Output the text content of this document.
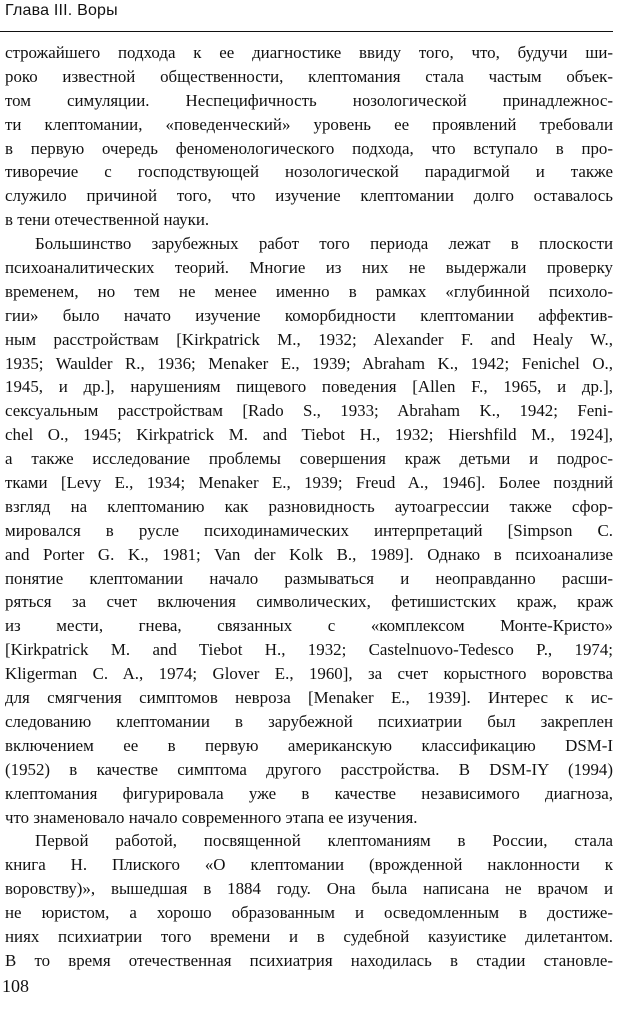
Глава III. Воры
строжайшего подхода к ее диагностике ввиду того, что, будучи ши-
роко известной общественности, клептомания стала частым объек-
том симуляции. Неспецифичность нозологической принадлежнос-
ти клептомании, «поведенческий» уровень ее проявлений требовали
в первую очередь феноменологического подхода, что вступало в про-
тиворечие с господствующей нозологической парадигмой и также
служило причиной того, что изучение клептомании долго оставалось
в тени отечественной науки.
Большинство зарубежных работ того периода лежат в плоскости
психоаналитических теорий. Многие из них не выдержали проверку
временем, но тем не менее именно в рамках «глубинной психоло-
гии» было начато изучение коморбидности клептомании аффектив-
ным расстройствам [Kirkpatrick M., 1932; Alexander F. and Healy W.,
1935; Waulder R., 1936; Menaker E., 1939; Abraham K., 1942; Fenichel O.,
1945, и др.], нарушениям пищевого поведения [Allen F., 1965, и др.],
сексуальным расстройствам [Rado S., 1933; Abraham K., 1942; Feni-
chel O., 1945; Kirkpatrick M. and Tiebot H., 1932; Hiershfild M., 1924],
а также исследование проблемы совершения краж детьми и подрос-
тками [Levy E., 1934; Menaker E., 1939; Freud A., 1946]. Более поздний
взгляд на клептоманию как разновидность аутоагрессии также сфор-
мировался в русле психодинамических интерпретаций [Simpson C.
and Porter G. K., 1981; Van der Kolk B., 1989]. Однако в психоанализе
понятие клептомании начало размываться и неоправданно расши-
ряться за счет включения символических, фетишистских краж, краж
из мести, гнева, связанных с «комплексом Монте-Кристо»
[Kirkpatrick M. and Tiebot H., 1932; Castelnuovo-Tedesco P., 1974;
Kligerman C. A., 1974; Glover E., 1960], за счет корыстного воровства
для смягчения симптомов невроза [Menaker E., 1939]. Интерес к ис-
следованию клептомании в зарубежной психиатрии был закреплен
включением ее в первую американскую классификацию DSM-I
(1952) в качестве симптома другого расстройства. В DSM-IY (1994)
клептомания фигурировала уже в качестве независимого диагноза,
что знаменовало начало современного этапа ее изучения.
Первой работой, посвященной клептоманиям в России, стала
книга Н. Плиского «О клептомании (врожденной наклонности к
воровству)», вышедшая в 1884 году. Она была написана не врачом и
не юристом, а хорошо образованным и осведомленным в достиже-
ниях психиатрии того времени и в судебной казуистике дилетантом.
В то время отечественная психиатрия находилась в стадии становле-
108
